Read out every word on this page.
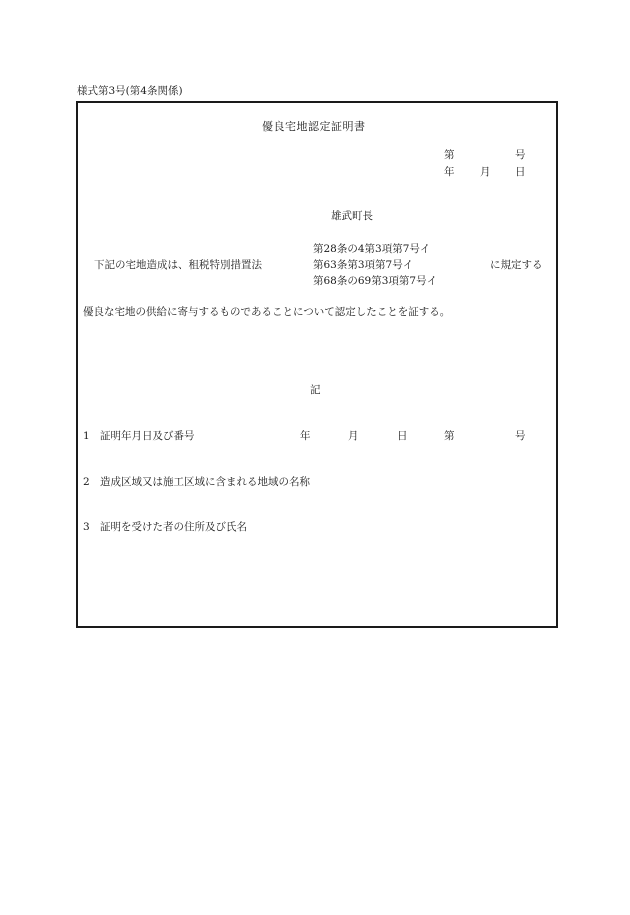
様式第3号(第4条関係)
優良宅地認定証明書
第	号
年 月 日
雄武町長
第28条の4第3項第7号イ
下記の宅地造成は、租税特別措置法	第63条第3項第7号イ	に規定する
第68条の69第3項第7号イ
優良な宅地の供給に寄与するものであることについて認定したことを証する。
記
1 証明年月日及び番号	年	月	日	第	号
2 造成区域又は施工区域に含まれる地域の名称
3 証明を受けた者の住所及び氏名
